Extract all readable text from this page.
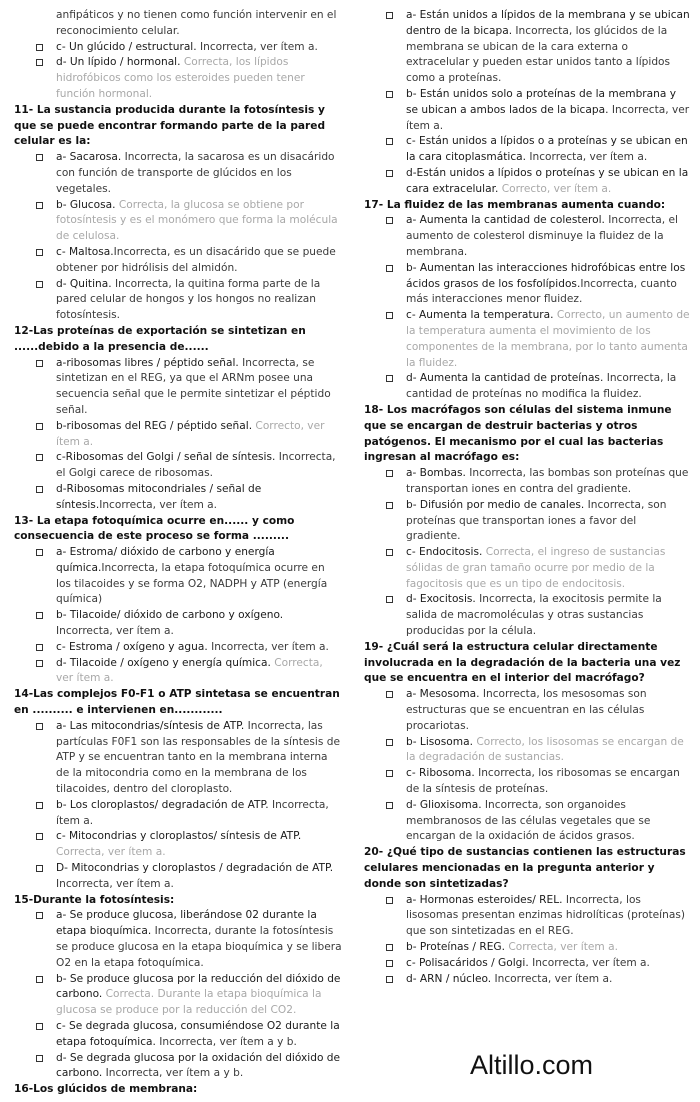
anfipáticos y no tienen como función intervenir en el reconocimiento celular.
c- Un glúcido / estructural. Incorrecta, ver ítem a.
d- Un lípido / hormonal. Correcta, los lípidos hidrofóbicos como los esteroides pueden tener función hormonal.

11- La sustancia producida durante la fotosíntesis y que se puede encontrar formando parte de la pared celular es la:

a- Sacarosa. Incorrecta, la sacarosa es un disacárido con función de transporte de glúcidos en los vegetales.
b- Glucosa. Correcta, la glucosa se obtiene por fotosíntesis y es el monómero que forma la molécula de celulosa.
c- Maltosa.Incorrecta, es un disacárido que se puede obtener por hidrólisis del almidón.
d- Quitina. Incorrecta, la quitina forma parte de la pared celular de hongos y los hongos no realizan fotosíntesis.

12-Las proteínas de exportación se sintetizan en ......debido a la presencia de......

a-ribosomas libres / péptido señal. Incorrecta, se sintetizan en el REG, ya que el ARNm posee una secuencia señal que le permite sintetizar el péptido señal.
b-ribosomas del REG / péptido señal. Correcto, ver ítem a.
c-Ribosomas del Golgi / señal de síntesis. Incorrecta, el Golgi carece de ribosomas.
d-Ribosomas mitocondriales / señal de síntesis.Incorrecta, ver ítem a.

13- La etapa fotoquímica ocurre en...... y como consecuencia de este proceso se forma .........

a- Estroma/ dióxido de carbono y energía química.Incorrecta, la etapa fotoquímica ocurre en los tilacoides y se forma O2, NADPH y ATP (energía química)
b- Tilacoide/ dióxido de carbono y oxígeno. Incorrecta, ver ítem a.
c- Estroma / oxígeno y agua. Incorrecta, ver ítem a.
d- Tilacoide / oxígeno y energía química. Correcta, ver ítem a.

14-Las complejos F0-F1 o ATP sintetasa se encuentran en .......... e intervienen en............

a- Las mitocondrias/síntesis de ATP. Incorrecta, las partículas F0F1 son las responsables de la síntesis de ATP y se encuentran tanto en la membrana interna de la mitocondria como en la membrana de los tilacoides, dentro del cloroplasto.
b- Los cloroplastos/ degradación de ATP. Incorrecta, ítem a.
c- Mitocondrias y cloroplastos/ síntesis de ATP. Correcta, ver ítem a.
D- Mitocondrias y cloroplastos / degradación de ATP. Incorrecta, ver ítem a.

15-Durante la fotosíntesis:

a- Se produce glucosa, liberándose 02 durante la etapa bioquímica. Incorrecta, durante la fotosíntesis se produce glucosa en la etapa bioquímica y se libera O2 en la etapa fotoquímica.
b- Se produce glucosa por la reducción del dióxido de carbono. Correcta. Durante la etapa bioquímica la glucosa se produce por la reducción del CO2.
c- Se degrada glucosa, consumiéndose O2 durante la etapa fotoquímica. Incorrecta, ver ítem a y b.
d- Se degrada glucosa por la oxidación del dióxido de carbono. Incorrecta, ver ítem a y b.

16-Los glúcidos de membrana:

a- Están unidos a lípidos de la membrana y se ubican dentro de la bicapa. Incorrecta, los glúcidos de la membrana se ubican de la cara externa o extracelular y pueden estar unidos tanto a lípidos como a proteínas.
b- Están unidos solo a proteínas de la membrana y se ubican a ambos lados de la bicapa. Incorrecta, ver ítem a.
c- Están unidos a lípidos o a proteínas y se ubican en la cara citoplasmática. Incorrecta, ver ítem a.
d-Están unidos a lípidos o proteínas y se ubican en la cara extracelular. Correcto, ver ítem a.

17- La fluidez de las membranas aumenta cuando:

a- Aumenta la cantidad de colesterol. Incorrecta, el aumento de colesterol disminuye la fluidez de la membrana.
b- Aumentan las interacciones hidrofóbicas entre los ácidos grasos de los fosfolípidos.Incorrecta, cuanto más interacciones menor fluidez.
c- Aumenta la temperatura. Correcto, un aumento de la temperatura aumenta el movimiento de los componentes de la membrana, por lo tanto aumenta la fluidez.
d- Aumenta la cantidad de proteínas. Incorrecta, la cantidad de proteínas no modifica la fluidez.

18- Los macrófagos son células del sistema inmune que se encargan de destruir bacterias y otros patógenos. El mecanismo por el cual las bacterias ingresan al macrófago es:

a- Bombas. Incorrecta, las bombas son proteínas que transportan iones en contra del gradiente.
b- Difusión por medio de canales. Incorrecta, son proteínas que transportan iones a favor del gradiente.
c- Endocitosis. Correcta, el ingreso de sustancias sólidas de gran tamaño ocurre por medio de la fagocitosis que es un tipo de endocitosis.
d- Exocitosis. Incorrecta, la exocitosis permite la salida de macromoléculas y otras sustancias producidas por la célula.

19- ¿Cuál será la estructura celular directamente involucrada en la degradación de la bacteria una vez que se encuentra en el interior del macrófago?

a- Mesosoma. Incorrecta, los mesosomas son estructuras que se encuentran en las células procariotas.
b- Lisosoma. Correcto, los lisosomas se encargan de la degradación de sustancias.
c- Ribosoma. Incorrecta, los ribosomas se encargan de la síntesis de proteínas.
d- Glioxisoma. Incorrecta, son organoides membranosos de las células vegetales que se encargan de la oxidación de ácidos grasos.

20- ¿Qué tipo de sustancias contienen las estructuras celulares mencionadas en la pregunta anterior y donde son sintetizadas?

a- Hormonas esteroides/ REL. Incorrecta, los lisosomas presentan enzimas hidrolíticas (proteínas) que son sintetizadas en el REG.
b- Proteínas / REG. Correcta, ver ítem a.
c- Polisacáridos / Golgi. Incorrecta, ver ítem a.
d- ARN / núcleo. Incorrecta, ver ítem a.
Altillo.com
